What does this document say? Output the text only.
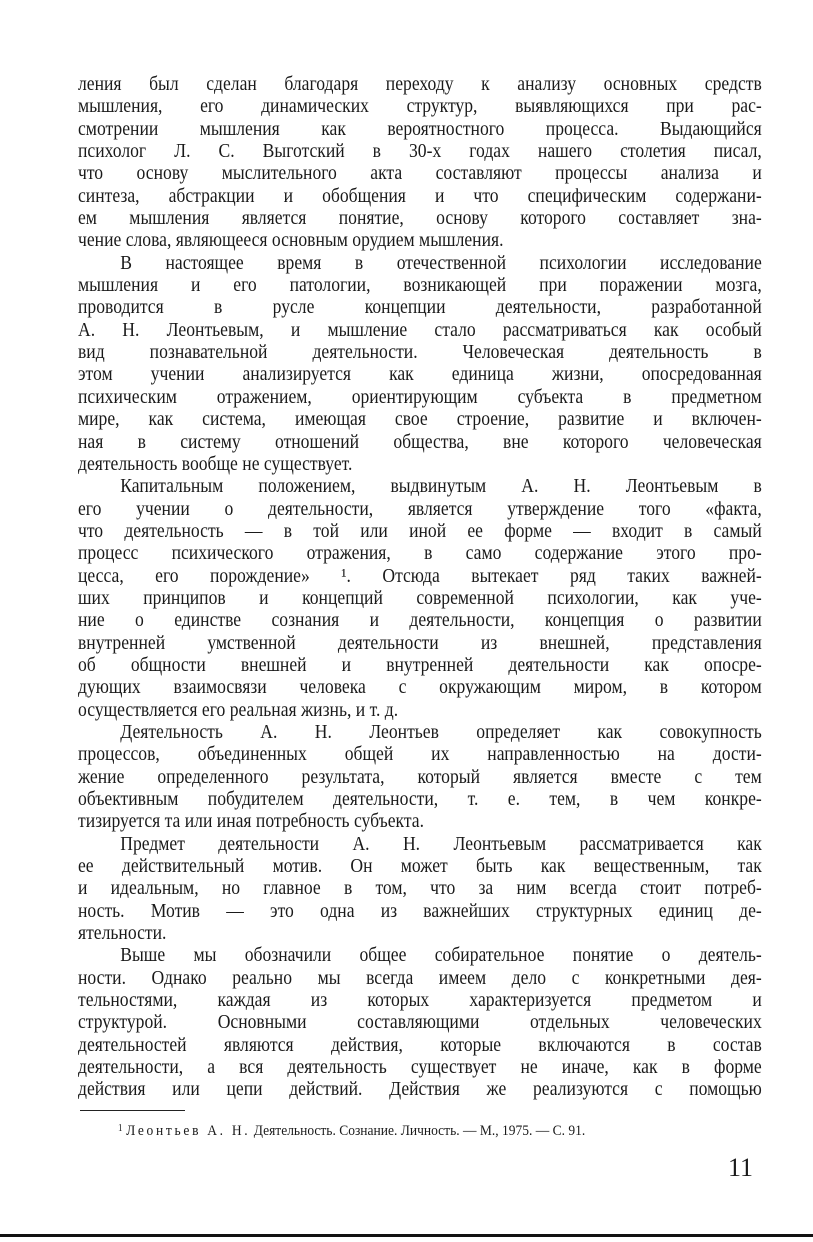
ления был сделан благодаря переходу к анализу основных средств
мышления, его динамических структур, выявляющихся при рас-
смотрении мышления как вероятностного процесса. Выдающийся
психолог Л. С. Выготский в 30-х годах нашего столетия писал,
что основу мыслительного акта составляют процессы анализа и
синтеза, абстракции и обобщения и что специфическим содержани-
ем мышления является понятие, основу которого составляет зна-
чение слова, являющееся основным орудием мышления.
В настоящее время в отечественной психологии исследование
мышления и его патологии, возникающей при поражении мозга,
проводится в русле концепции деятельности, разработанной
А. Н. Леонтьевым, и мышление стало рассматриваться как особый
вид познавательной деятельности. Человеческая деятельность в
этом учении анализируется как единица жизни, опосредованная
психическим отражением, ориентирующим субъекта в предметном
мире, как система, имеющая свое строение, развитие и включен-
ная в систему отношений общества, вне которого человеческая
деятельность вообще не существует.
Капитальным положением, выдвинутым А. Н. Леонтьевым в
его учении о деятельности, является утверждение того «факта,
что деятельность — в той или иной ее форме — входит в самый
процесс психического отражения, в само содержание этого про-
цесса, его порождение» ¹. Отсюда вытекает ряд таких важней-
ших принципов и концепций современной психологии, как уче-
ние о единстве сознания и деятельности, концепция о развитии
внутренней умственной деятельности из внешней, представления
об общности внешней и внутренней деятельности как опосре-
дующих взаимосвязи человека с окружающим миром, в котором
осуществляется его реальная жизнь, и т. д.
Деятельность А. Н. Леонтьев определяет как совокупность
процессов, объединенных общей их направленностью на дости-
жение определенного результата, который является вместе с тем
объективным побудителем деятельности, т. е. тем, в чем конкре-
тизируется та или иная потребность субъекта.
Предмет деятельности А. Н. Леонтьевым рассматривается как
ее действительный мотив. Он может быть как вещественным, так
и идеальным, но главное в том, что за ним всегда стоит потреб-
ность. Мотив — это одна из важнейших структурных единиц де-
ятельности.
Выше мы обозначили общее собирательное понятие о деятель-
ности. Однако реально мы всегда имеем дело с конкретными дея-
тельностями, каждая из которых характеризуется предметом и
структурой. Основными составляющими отдельных человеческих
деятельностей являются действия, которые включаются в состав
деятельности, а вся деятельность существует не иначе, как в форме
действия или цепи действий. Действия же реализуются с помощью
$^1$ Леонтьев А. Н. Деятельность. Сознание. Личность. — М., 1975. — С. 91.
11
